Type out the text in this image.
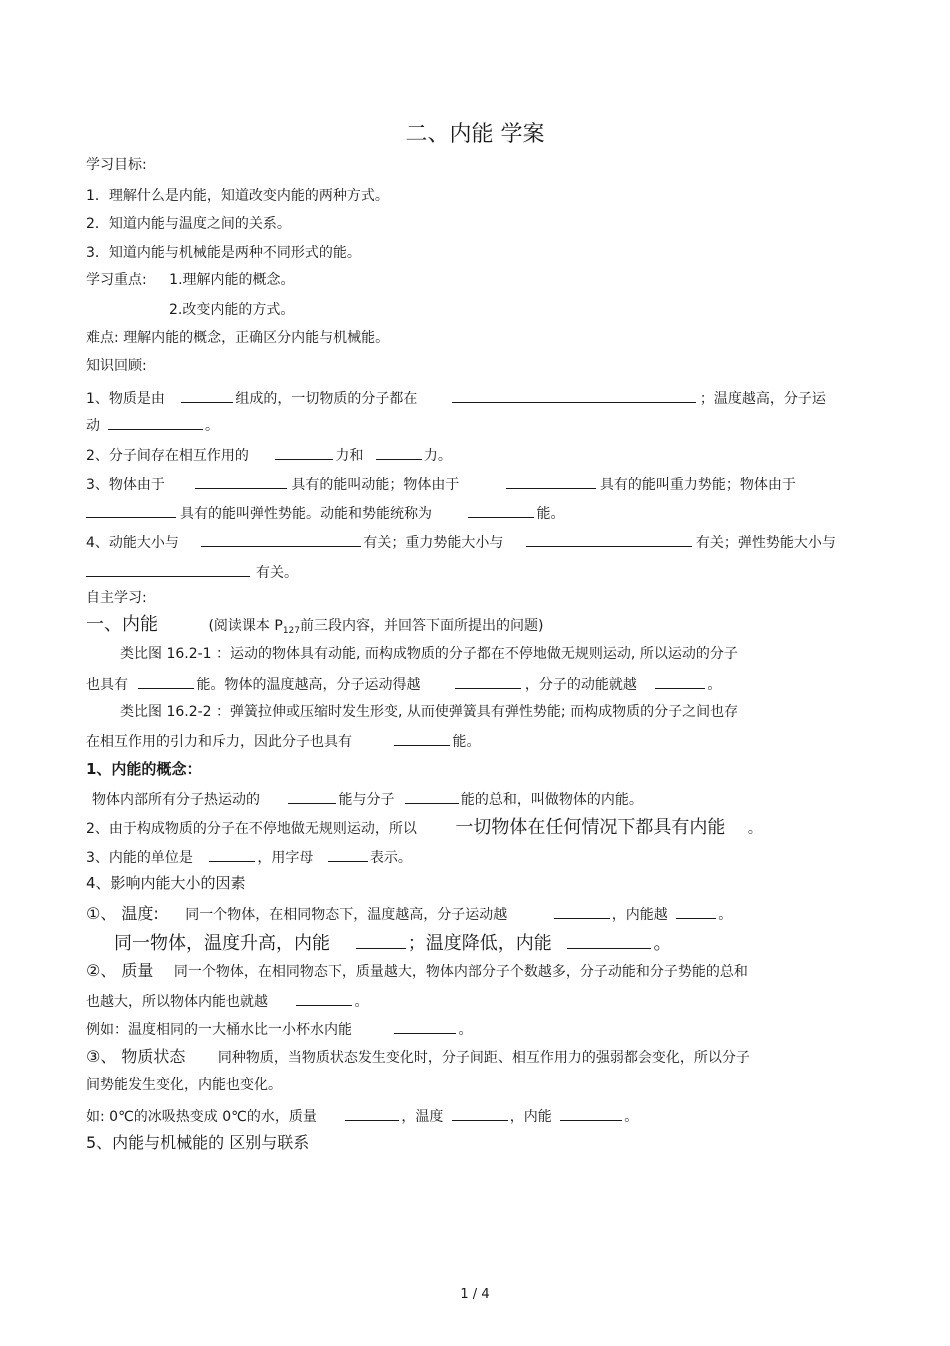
二、内能 学案
学习目标:
1．理解什么是内能，知道改变内能的两种方式。
2．知道内能与温度之间的关系。
3．知道内能与机械能是两种不同形式的能。
学习重点: 1.理解内能的概念。
2.改变内能的方式。
难点: 理解内能的概念，正确区分内能与机械能。
知识回顾:
1、物质是由	组成的，一切物质的分子都在	；温度越高，分子运
动	。
2、分子间存在相互作用的	力和	力。
3、物体由于	具有的能叫动能；物体由于	具有的能叫重力势能；物体由于
具有的能叫弹性势能。动能和势能统称为	能。
4、动能大小与	有关；重力势能大小与	有关；弹性势能大小与
有关。
自主学习:
一、内能	(阅读课本 $P_{127}$前三段内容，并回答下面所提出的问题)
类比图 16.2-1 ：运动的物体具有动能, 而构成物质的分子都在不停地做无规则运动, 所以运动的分子
也具有	能。物体的温度越高，分子运动得越	，分子的动能就越	。
类比图 16.2-2 ：弹簧拉伸或压缩时发生形变, 从而使弹簧具有弹性势能; 而构成物质的分子之间也存
在相互作用的引力和斥力，因此分子也具有	能。
1、内能的概念：
物体内部所有分子热运动的	能与分子	能的总和，叫做物体的内能。
2、由于构成物质的分子在不停地做无规则运动，所以 一切物体在任何情况下都具有内能 。
3、内能的单位是	，用字母	表示。
4、影响内能大小的因素
①、 温度: 同一个物体，在相同物态下，温度越高，分子运动越	，内能越	。
同一物体，温度升高，内能	；温度降低，内能	。
②、 质量 同一个物体，在相同物态下，质量越大，物体内部分子个数越多，分子动能和分子势能的总和
也越大，所以物体内能也就越	。
例如：温度相同的一大桶水比一小杯水内能	。
③、 物质状态 同种物质，当物质状态发生变化时，分子间距、相互作用力的强弱都会变化，所以分子
间势能发生变化，内能也变化。
如: 0℃的冰吸热变成 0℃的水，质量	，温度	，内能	。
5、内能与机械能的 区别与联系
1 / 4
